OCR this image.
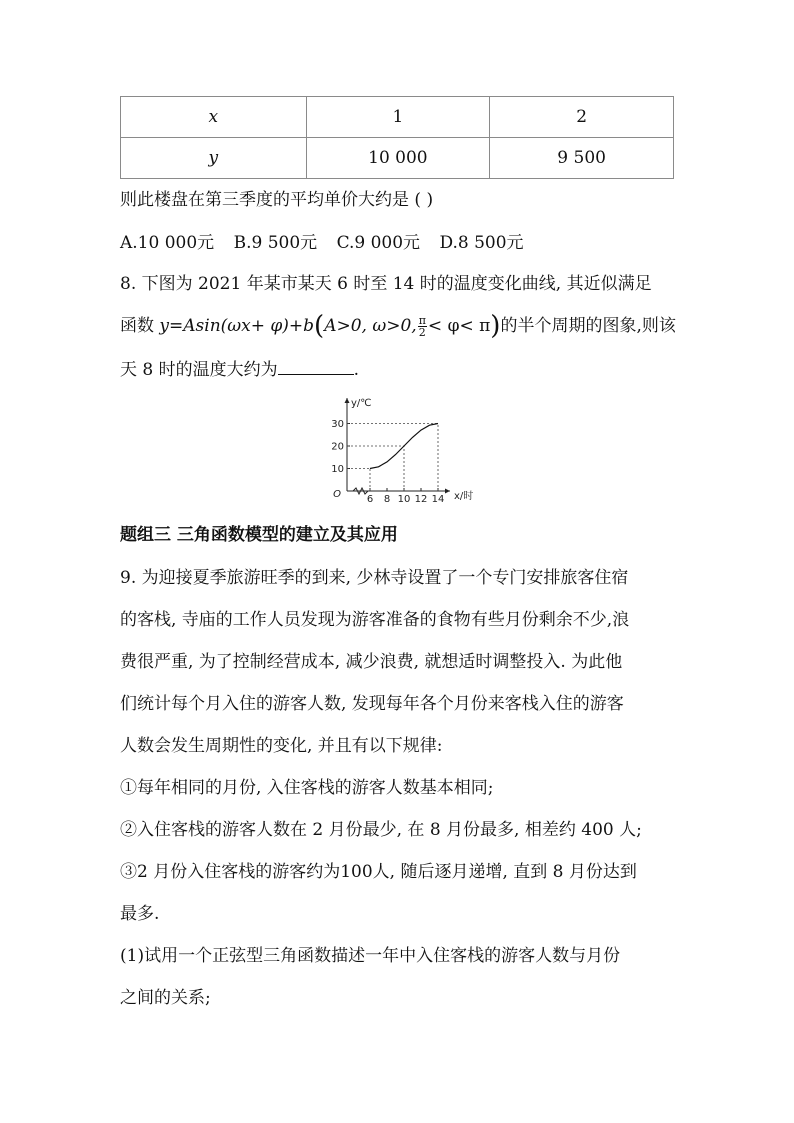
x	1	2
y	10 000	9 500
则此楼盘在第三季度的平均单价大约是 ( )
A.10 000元 B.9 500元 C.9 000元 D.8 500元
8. 下图为 2021 年某市某天 6 时至 14 时的温度变化曲线, 其近似满足
函数 y=Asin(ωx+ φ)+b(A>0, ω>0, $\frac{\pi}{2} < \varphi< \pi$)的半个周期的图象,则该
天 8 时的温度大约为	.
O
y/℃
x/时
10
20
30
6 8 10 12 14
题组三 三角函数模型的建立及其应用
9. 为迎接夏季旅游旺季的到来, 少林寺设置了一个专门安排旅客住宿
的客栈, 寺庙的工作人员发现为游客准备的食物有些月份剩余不少,浪
费很严重, 为了控制经营成本, 减少浪费, 就想适时调整投入. 为此他
们统计每个月入住的游客人数, 发现每年各个月份来客栈入住的游客
人数会发生周期性的变化, 并且有以下规律:
①每年相同的月份, 入住客栈的游客人数基本相同;
②入住客栈的游客人数在 2 月份最少, 在 8 月份最多, 相差约 400 人;
③2 月份入住客栈的游客约为100人, 随后逐月递增, 直到 8 月份达到
最多.
(1)试用一个正弦型三角函数描述一年中入住客栈的游客人数与月份
之间的关系;
